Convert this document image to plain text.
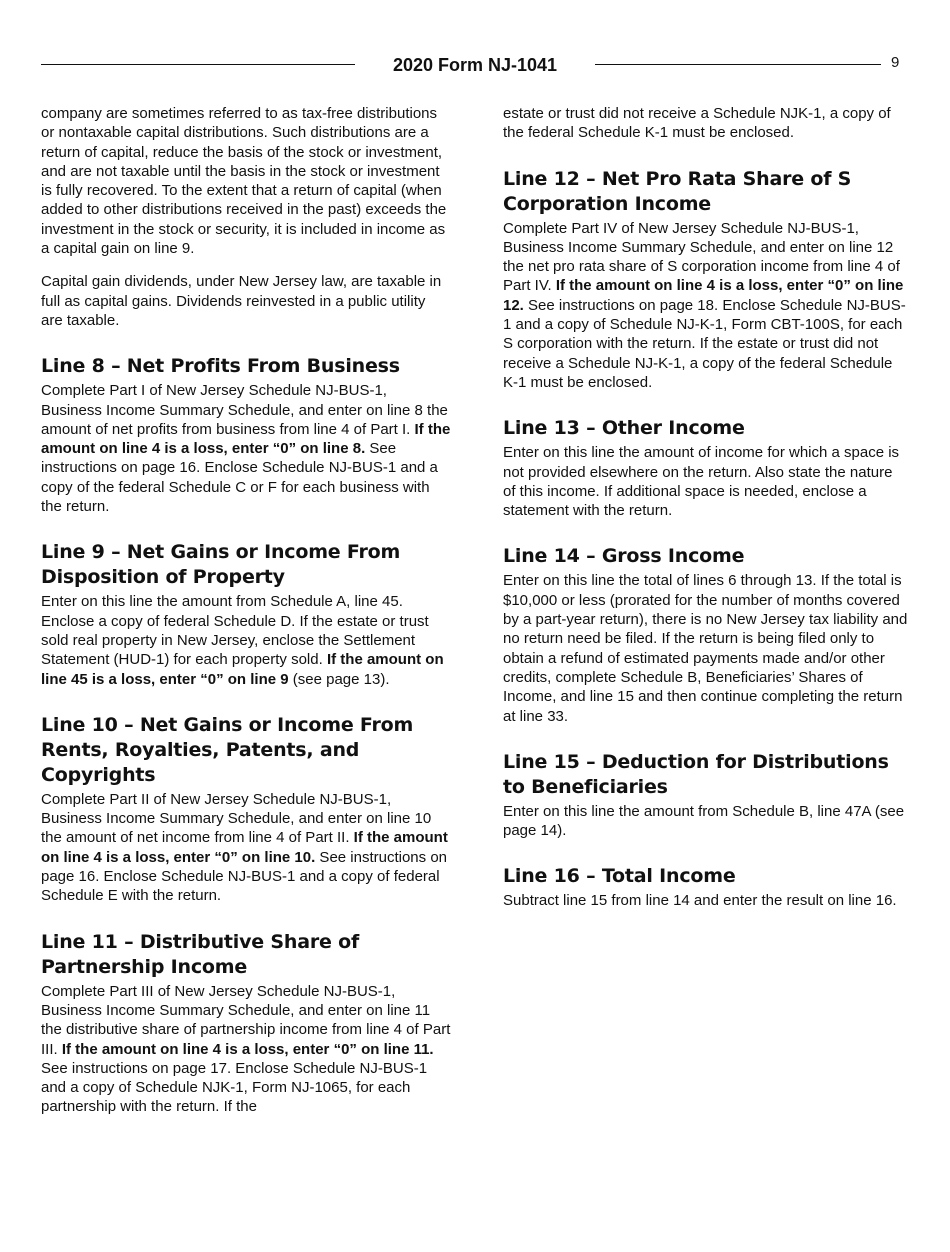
2020 Form NJ-1041	9

company are sometimes referred to as tax-free distributions or nontaxable capital distributions. Such distributions are a return of capital, reduce the basis of the stock or investment, and are not taxable until the basis in the stock or investment is fully recovered. To the extent that a return of capital (when added to other distributions received in the past) exceeds the investment in the stock or security, it is included in income as a capital gain on line 9.

Capital gain dividends, under New Jersey law, are taxable in full as capital gains. Dividends reinvested in a public utility are taxable.

Line 8 – Net Profits From Business

Complete Part I of New Jersey Schedule NJ-BUS-1, Business Income Summary Schedule, and enter on line 8 the amount of net profits from business from line 4 of Part I. If the amount on line 4 is a loss, enter “0” on line 8. See instructions on page 16. Enclose Schedule NJ-BUS-1 and a copy of the federal Schedule C or F for each business with the return.

Line 9 – Net Gains or Income From Disposition of Property

Enter on this line the amount from Schedule A, line 45. Enclose a copy of federal Schedule D. If the estate or trust sold real property in New Jersey, enclose the Settlement Statement (HUD-1) for each property sold. If the amount on line 45 is a loss, enter “0” on line 9 (see page 13).

Line 10 – Net Gains or Income From Rents, Royalties, Patents, and Copyrights

Complete Part II of New Jersey Schedule NJ-BUS-1, Business Income Summary Schedule, and enter on line 10 the amount of net income from line 4 of Part II. If the amount on line 4 is a loss, enter “0” on line 10. See instructions on page 16. Enclose Schedule NJ-BUS-1 and a copy of federal Schedule E with the return.

Line 11 – Distributive Share of Partnership Income

Complete Part III of New Jersey Schedule NJ-BUS-1, Business Income Summary Schedule, and enter on line 11 the distributive share of partnership income from line 4 of Part III. If the amount on line 4 is a loss, enter “0” on line 11. See instructions on page 17. Enclose Schedule NJ-BUS-1 and a copy of Schedule NJK-1, Form NJ-1065, for each partnership with the return. If the

estate or trust did not receive a Schedule NJK-1, a copy of the federal Schedule K-1 must be enclosed.

Line 12 – Net Pro Rata Share of S Corporation Income

Complete Part IV of New Jersey Schedule NJ-BUS-1, Business Income Summary Schedule, and enter on line 12 the net pro rata share of S corporation income from line 4 of Part IV. If the amount on line 4 is a loss, enter “0” on line 12. See instructions on page 18. Enclose Schedule NJ-BUS-1 and a copy of Schedule NJ-K-1, Form CBT-100S, for each S corporation with the return. If the estate or trust did not receive a Schedule NJ-K-1, a copy of the federal Schedule K-1 must be enclosed.

Line 13 – Other Income

Enter on this line the amount of income for which a space is not provided elsewhere on the return. Also state the nature of this income. If additional space is needed, enclose a statement with the return.

Line 14 – Gross Income

Enter on this line the total of lines 6 through 13. If the total is $10,000 or less (prorated for the number of months covered by a part-year return), there is no New Jersey tax liability and no return need be filed. If the return is being filed only to obtain a refund of estimated payments made and/or other credits, complete Schedule B, Beneficiaries’ Shares of Income, and line 15 and then continue completing the return at line 33.

Line 15 – Deduction for Distributions to Beneficiaries

Enter on this line the amount from Schedule B, line 47A (see page 14).

Line 16 – Total Income

Subtract line 15 from line 14 and enter the result on line 16.
